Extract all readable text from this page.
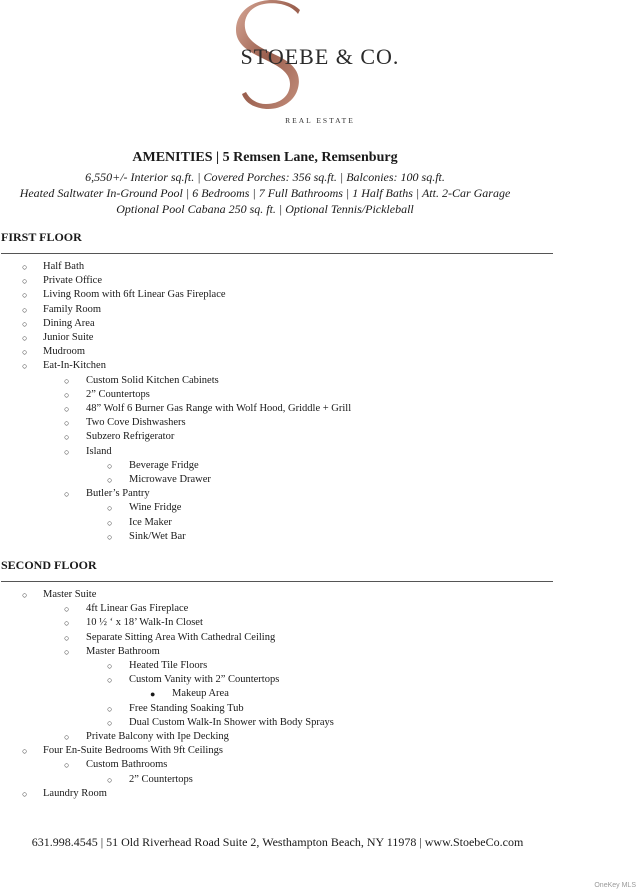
STOEBE & CO.
REAL ESTATE
AMENITIES | 5 Remsen Lane, Remsenburg
6,550+/- Interior sq.ft. | Covered Porches: 356 sq.ft. | Balconies: 100 sq.ft.
Heated Saltwater In-Ground Pool | 6 Bedrooms | 7 Full Bathrooms | 1 Half Baths | Att. 2-Car Garage
Optional Pool Cabana 250 sq. ft. | Optional Tennis/Pickleball
FIRST FLOOR
○ Half Bath
○ Private Office
○ Living Room with 6ft Linear Gas Fireplace
○ Family Room
○ Dining Area
○ Junior Suite
○ Mudroom
○ Eat-In-Kitchen
○ Custom Solid Kitchen Cabinets
○ 2” Countertops
○ 48” Wolf 6 Burner Gas Range with Wolf Hood, Griddle + Grill
○ Two Cove Dishwashers
○ Subzero Refrigerator
○ Island
○ Beverage Fridge
○ Microwave Drawer
○ Butler’s Pantry
○ Wine Fridge
○ Ice Maker
○ Sink/Wet Bar
SECOND FLOOR
○ Master Suite
○ 4ft Linear Gas Fireplace
○ 10 ½ ‘ x 18’ Walk-In Closet
○ Separate Sitting Area With Cathedral Ceiling
○ Master Bathroom
○ Heated Tile Floors
○ Custom Vanity with 2” Countertops
● Makeup Area
○ Free Standing Soaking Tub
○ Dual Custom Walk-In Shower with Body Sprays
○ Private Balcony with Ipe Decking
○ Four En-Suite Bedrooms With 9ft Ceilings
○ Custom Bathrooms
○ 2” Countertops
○ Laundry Room
631.998.4545 | 51 Old Riverhead Road Suite 2, Westhampton Beach, NY 11978 | www.StoebeCo.com
OneKey MLS
